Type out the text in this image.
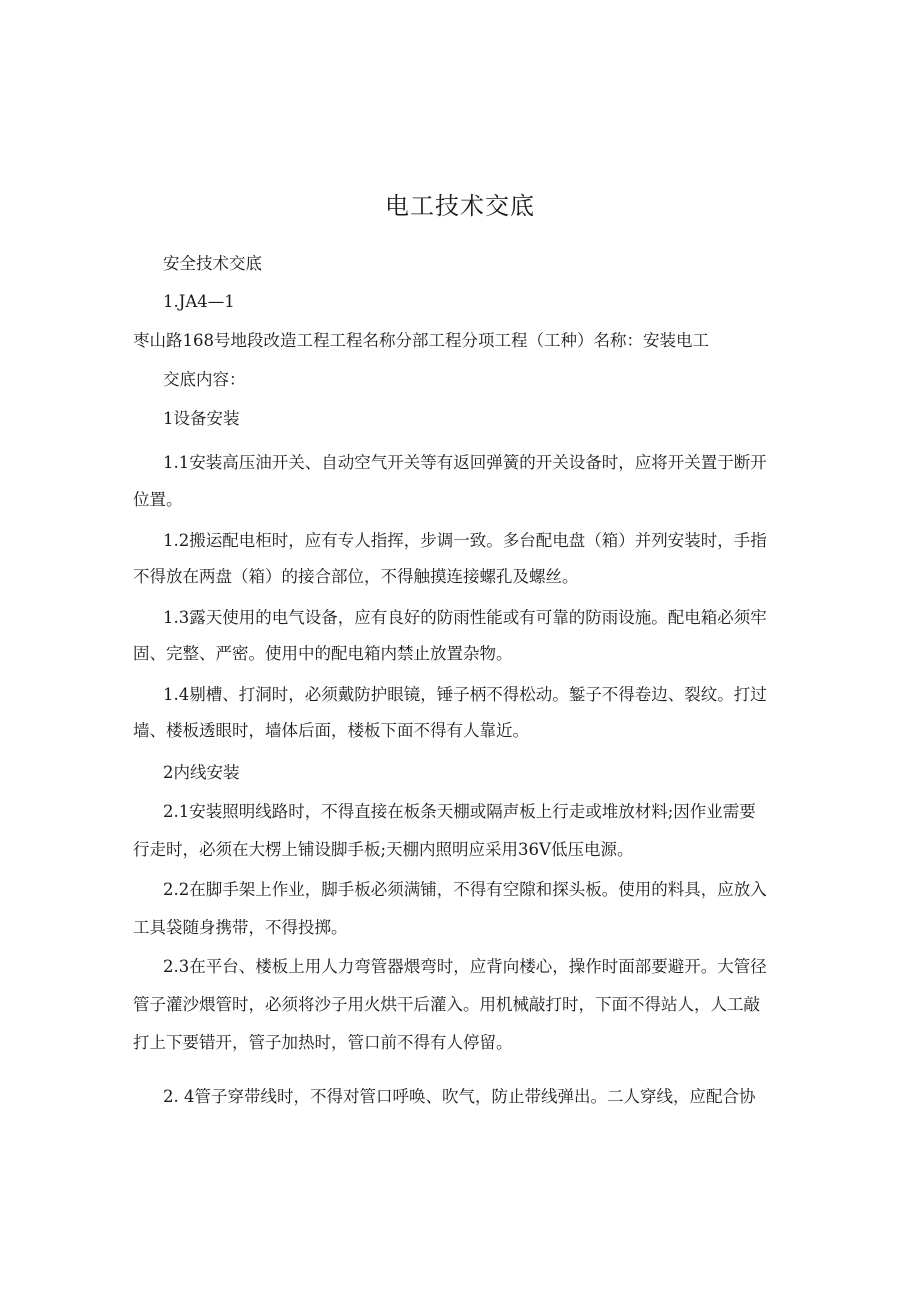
电工技术交底
安全技术交底
1.JA4—1
枣山路168号地段改造工程工程名称分部工程分项工程（工种）名称：安装电工
交底内容：
1设备安装
1.1安装高压油开关、自动空气开关等有返回弹簧的开关设备时，应将开关置于断开
位置。
1.2搬运配电柜时，应有专人指挥，步调一致。多台配电盘（箱）并列安装时，手指
不得放在两盘（箱）的接合部位，不得触摸连接螺孔及螺丝。
1.3露天使用的电气设备，应有良好的防雨性能或有可靠的防雨设施。配电箱必须牢
固、完整、严密。使用中的配电箱内禁止放置杂物。
1.4剔槽、打洞时，必须戴防护眼镜，锤子柄不得松动。錾子不得卷边、裂纹。打过
墙、楼板透眼时，墙体后面，楼板下面不得有人靠近。
2内线安装
2.1安装照明线路时，不得直接在板条天棚或隔声板上行走或堆放材料;因作业需要
行走时，必须在大楞上铺设脚手板;天棚内照明应采用36V低压电源。
2.2在脚手架上作业，脚手板必须满铺，不得有空隙和探头板。使用的料具，应放入
工具袋随身携带，不得投掷。
2.3在平台、楼板上用人力弯管器煨弯时，应背向楼心，操作时面部要避开。大管径
管子灌沙煨管时，必须将沙子用火烘干后灌入。用机械敲打时，下面不得站人，人工敲
打上下要错开，管子加热时，管口前不得有人停留。
2. 4管子穿带线时，不得对管口呼唤、吹气，防止带线弹出。二人穿线，应配合协
